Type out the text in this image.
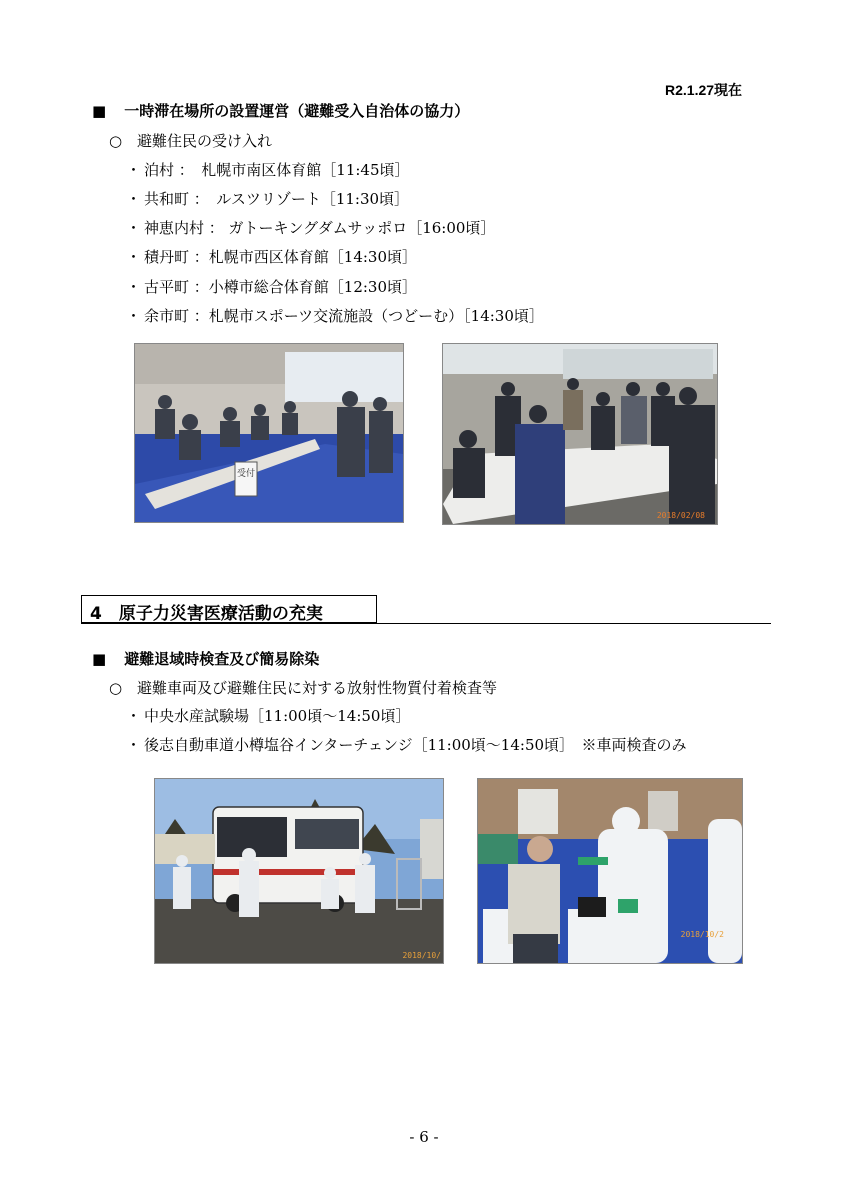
R2.1.27現在
■ 一時滞在場所の設置運営（避難受入自治体の協力）
○ 避難住民の受け入れ
・ 泊村 ：　札幌市南区体育館［11:45頃］
・ 共和町 ：　ルスツリゾート［11:30頃］
・ 神恵内村 ： ガトーキングダムサッポロ［16:00頃］
・ 積丹町 ：札幌市西区体育館［14:30頃］
・ 古平町 ：小樽市総合体育館［12:30頃］
・ 余市町 ：札幌市スポーツ交流施設（つどーむ）［14:30頃］
受付
2018/02/08
4　原子力災害医療活動の充実
■ 避難退域時検査及び簡易除染
○ 避難車両及び避難住民に対する放射性物質付着検査等
・ 中央水産試験場［11:00頃～14:50頃］
・ 後志自動車道小樽塩谷インターチェンジ［11:00頃～14:50頃］　※車両検査のみ
2018/10/
2018/10/2
- 6 -
